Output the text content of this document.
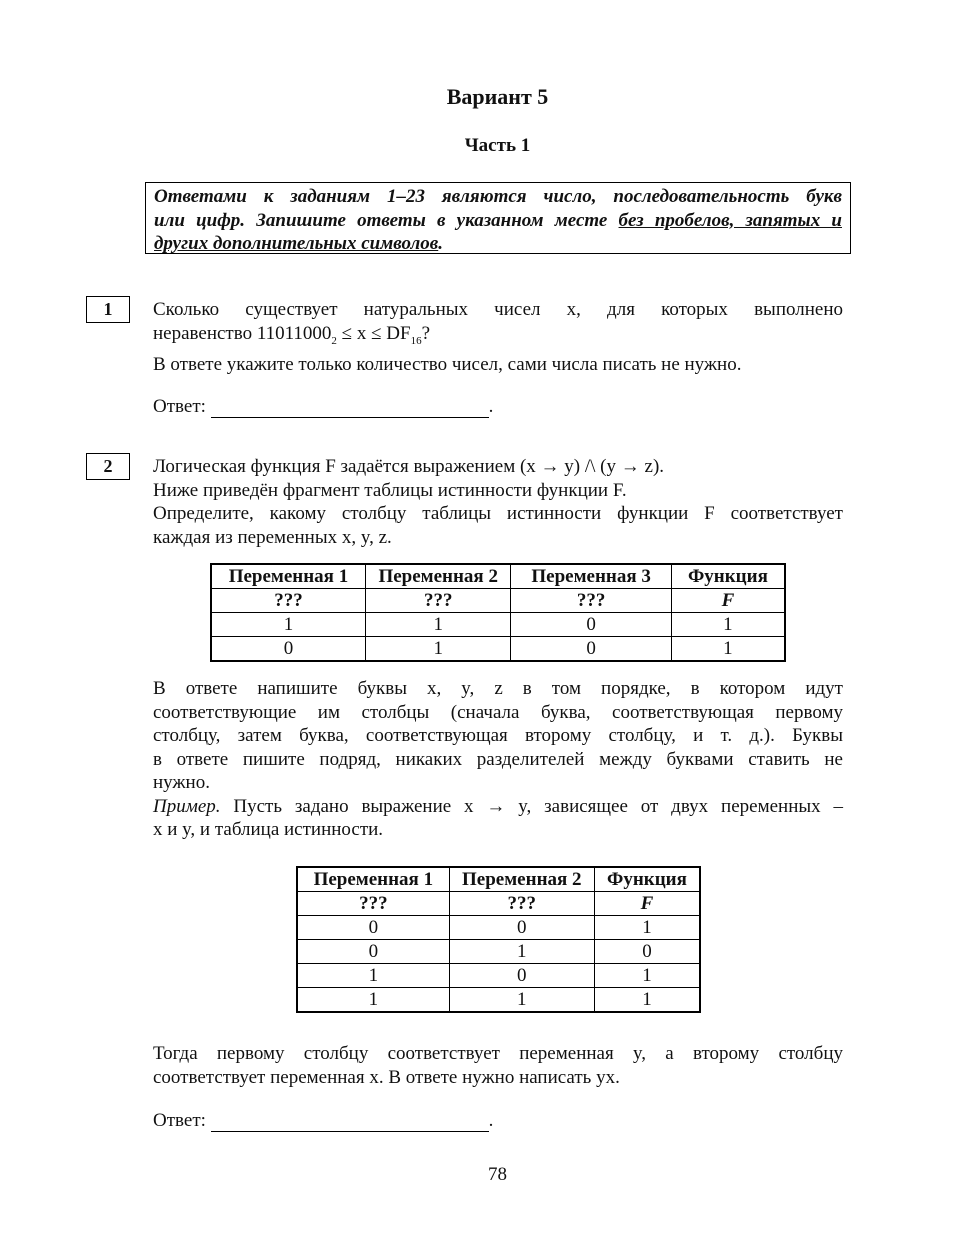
Вариант 5
Часть 1
Ответами к заданиям 1–23 являются число, последовательность букв
или цифр. Запишите ответы в указанном месте без пробелов, запятых и
других дополнительных символов.
1	Сколько существует натуральных чисел x, для которых выполнено
неравенство $11011000_2 \le x \le DF_{16}$?
В ответе укажите только количество чисел, сами числа писать не нужно.
Ответ:	.
2	Логическая функция F задаётся выражением (x → y) /\ (y → z).
Ниже приведён фрагмент таблицы истинности функции F.
Определите, какому столбцу таблицы истинности функции F соответствует
каждая из переменных x, y, z.
Переменная 1	Переменная 2	Переменная 3	Функция
???	???	???	F
1	1	0	1
0	1	0	1
В ответе напишите буквы x, y, z в том порядке, в котором идут
соответствующие им столбцы (сначала буква, соответствующая первому
столбцу, затем буква, соответствующая второму столбцу, и т. д.). Буквы
в ответе пишите подряд, никаких разделителей между буквами ставить не
нужно.
Пример. Пусть задано выражение x → y, зависящее от двух переменных –
x и y, и таблица истинности.
Переменная 1	Переменная 2	Функция
???	???	F
0	0	1
0	1	0
1	0	1
1	1	1
Тогда первому столбцу соответствует переменная y, а второму столбцу
соответствует переменная x. В ответе нужно написать yx.
Ответ:	.
78
